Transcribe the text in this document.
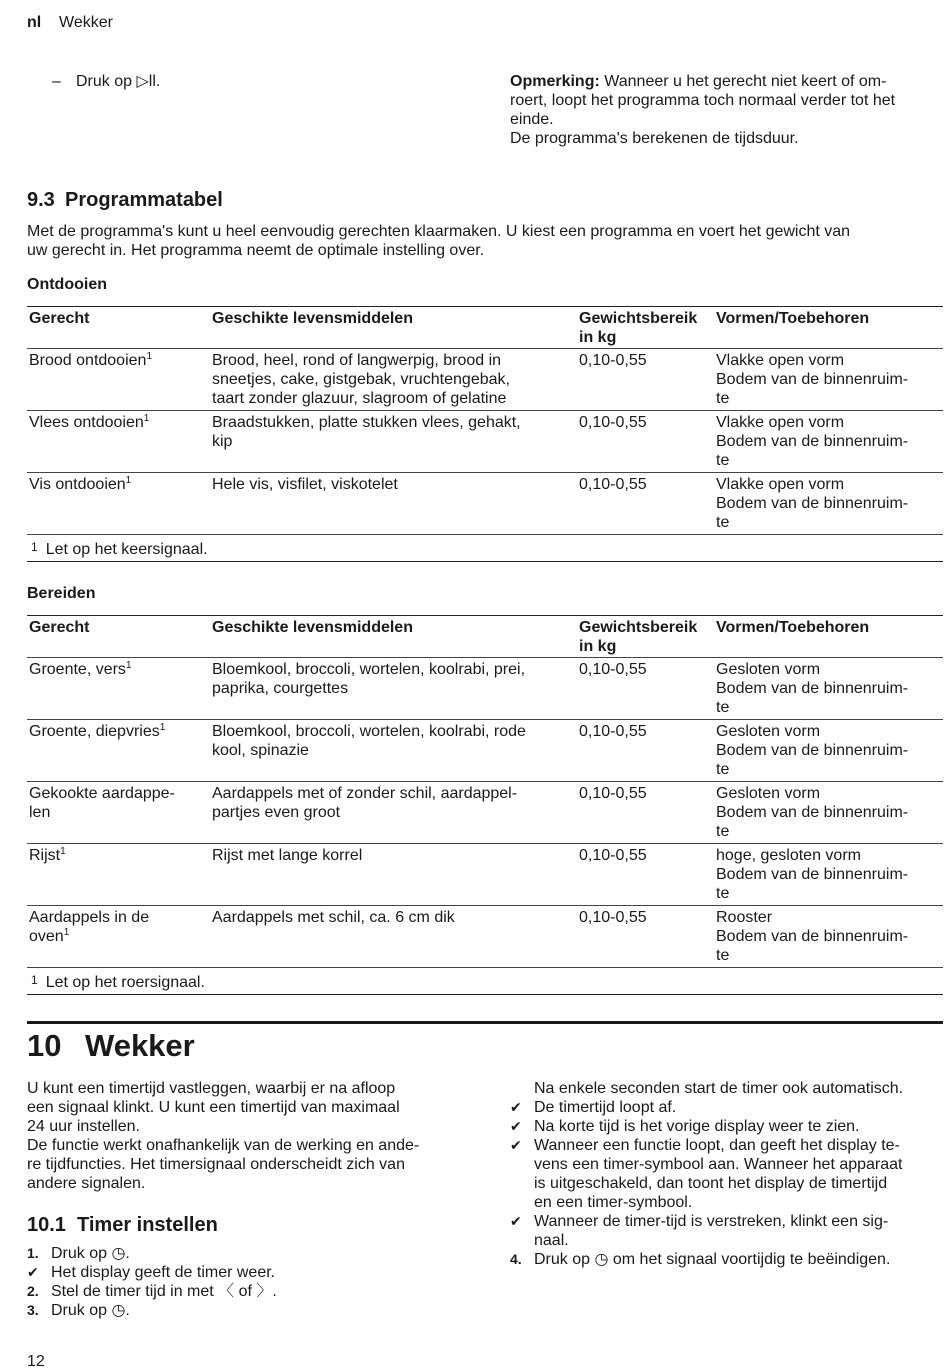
nl Wekker
– Druk op ▷ll.	Opmerking: Wanneer u het gerecht niet keert of om-
roert, loopt het programma toch normaal verder tot het
einde.
De programma's berekenen de tijdsduur.
9.3 Programmatabel
Met de programma's kunt u heel eenvoudig gerechten klaarmaken. U kiest een programma en voert het gewicht van
uw gerecht in. Het programma neemt de optimale instelling over.
Ontdooien
Gerecht	Geschikte levensmiddelen	Gewichtsbereik in kg	Vormen/Toebehoren
Brood ontdooien$^1$	Brood, heel, rond of langwerpig, brood in
sneetjes, cake, gistgebak, vruchtengebak,
taart zonder glazuur, slagroom of gelatine	0,10-0,55	Vlakke open vorm
Bodem van de binnenruim-
te

Vlees ontdooien$^1$	Braadstukken, platte stukken vlees, gehakt,
kip	0,10-0,55	Vlakke open vorm
Bodem van de binnenruim-
te

Vis ontdooien$^1$	Hele vis, visfilet, viskotelet	0,10-0,55	Vlakke open vorm
Bodem van de binnenruim-
te

1 Let op het keersignaal.			
Bereiden
Gerecht	Geschikte levensmiddelen	Gewichtsbereik in kg	Vormen/Toebehoren
Groente, vers$^1$	Bloemkool, broccoli, wortelen, koolrabi, prei,
paprika, courgettes	0,10-0,55	Gesloten vorm
Bodem van de binnenruim-
te

Groente, diepvries$^1$	Bloemkool, broccoli, wortelen, koolrabi, rode
kool, spinazie	0,10-0,55	Gesloten vorm
Bodem van de binnenruim-
te

Gekookte aardappe-
len	Aardappels met of zonder schil, aardappel-
partjes even groot	0,10-0,55	Gesloten vorm
Bodem van de binnenruim-
te

Rijst$^1$	Rijst met lange korrel	0,10-0,55	hoge, gesloten vorm
Bodem van de binnenruim-
te

Aardappels in de
oven$^1$	Aardappels met schil, ca. 6 cm dik	0,10-0,55	Rooster
Bodem van de binnenruim-
te

1 Let op het roersignaal.			
10 Wekker
U kunt een timertijd vastleggen, waarbij er na afloop
een signaal klinkt. U kunt een timertijd van maximaal
24 uur instellen.
De functie werkt onafhankelijk van de werking en ande-
re tijdfuncties. Het timersignaal onderscheidt zich van
andere signalen.
10.1 Timer instellen
1. Druk op ◷.
✔ Het display geeft de timer weer.
2. Stel de timer tijd in met 〈 of 〉.
3. Druk op ◷.
Na enkele seconden start de timer ook automatisch.
✔ De timertijd loopt af.
✔ Na korte tijd is het vorige display weer te zien.
✔ Wanneer een functie loopt, dan geeft het display te-
vens een timer-symbool aan. Wanneer het apparaat
is uitgeschakeld, dan toont het display de timertijd
en een timer-symbool.
✔ Wanneer de timer-tijd is verstreken, klinkt een sig-
naal.
4. Druk op ◷ om het signaal voortijdig te beëindigen.
12
